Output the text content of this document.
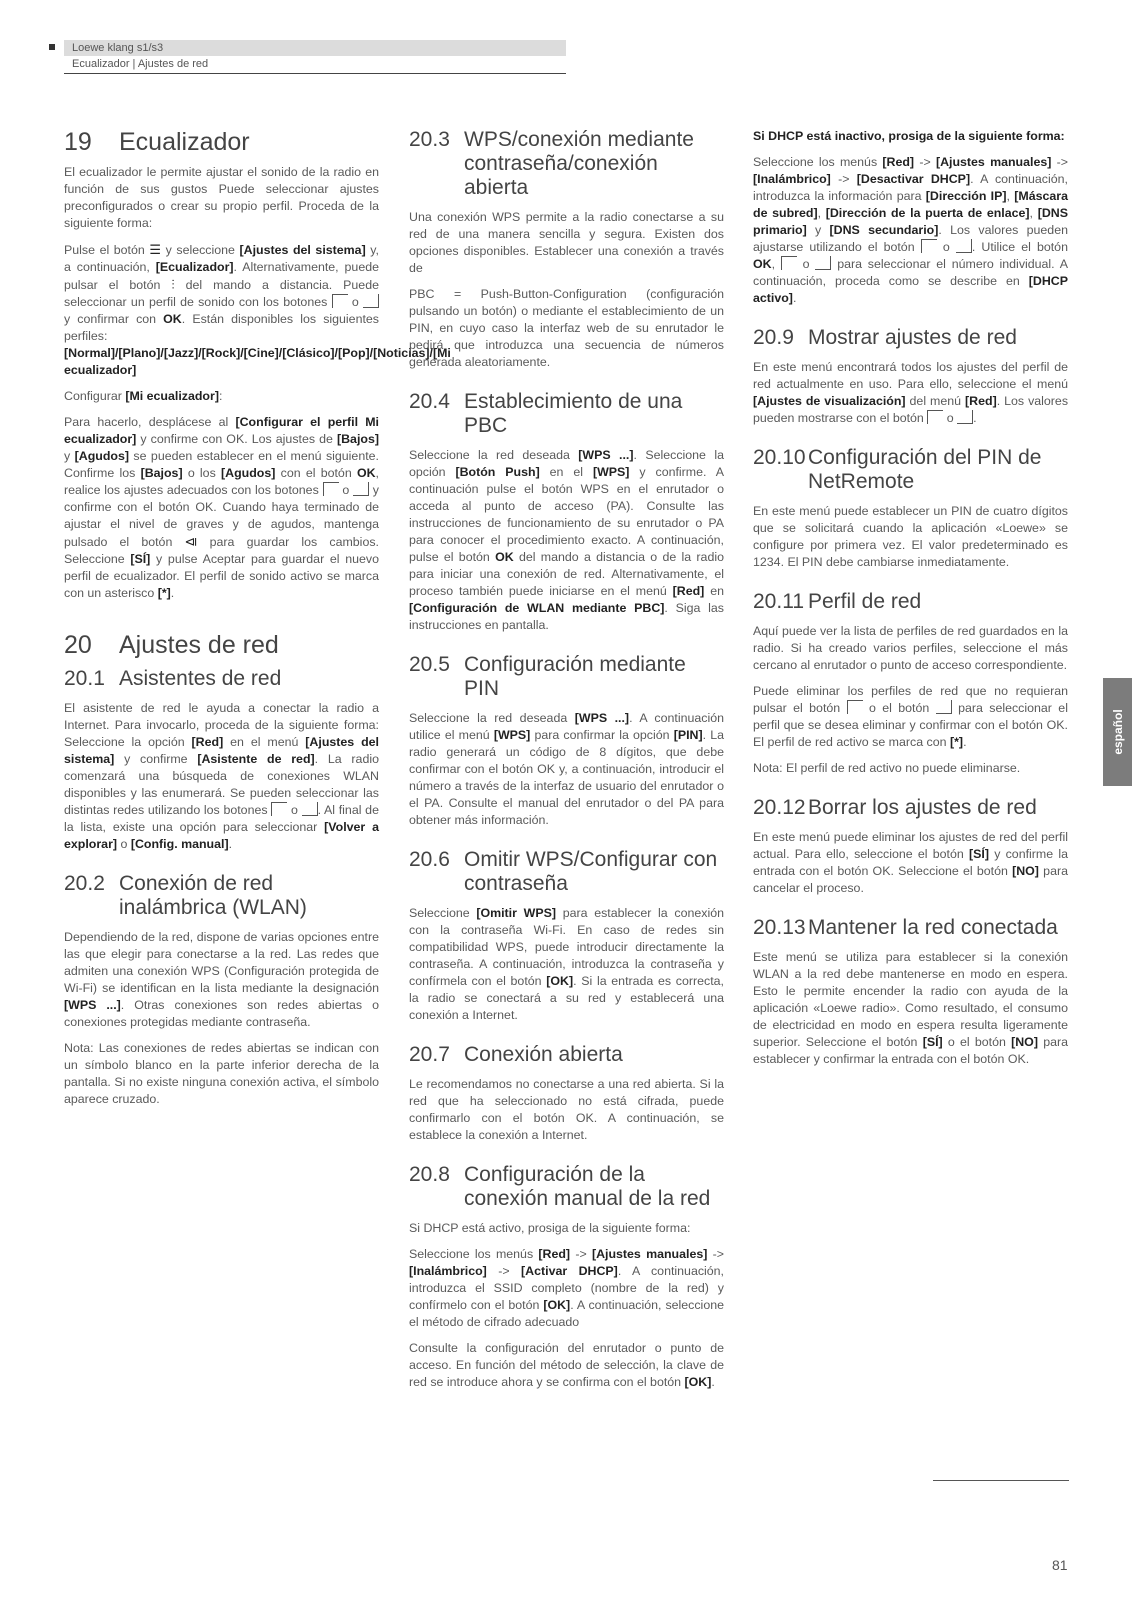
Loewe klang s1/s3
Ecualizador | Ajustes de red
19	Ecualizador

El ecualizador le permite ajustar el sonido de la radio en función de sus gustos Puede seleccionar ajustes preconfigurados o crear su propio perfil. Proceda de la siguiente forma:

Pulse el botón ☰ y seleccione [Ajustes del sistema] y, a continuación, [Ecualizador]. Alternativamente, puede pulsar el botón ⫶ del mando a distancia. Puede seleccionar un perfil de sonido con los botones o  y confirmar con OK. Están disponibles los siguientes perfiles: [Normal]/[Plano]/[Jazz]/[Rock]/[Cine]/[Clásico]/[Pop]/[Noticias]/[Mi ecualizador]

Configurar [Mi ecualizador]:

Para hacerlo, desplácese al [Configurar el perfil Mi ecualizador] y confirme con OK. Los ajustes de [Bajos] y [Agudos] se pueden establecer en el menú siguiente. Confirme los [Bajos] o los [Agudos] con el botón OK, realice los ajustes adecuados con los botones o y confirme con el botón OK. Cuando haya terminado de ajustar el nivel de graves y de agudos, mantenga pulsado el botón ⧏ para guardar los cambios. Seleccione [SÍ] y pulse Aceptar para guardar el nuevo perfil de ecualizador. El perfil de sonido activo se marca con un asterisco [*].

20	Ajustes de red
20.1 Asistentes de red

El asistente de red le ayuda a conectar la radio a Internet. Para invocarlo, proceda de la siguiente forma: Seleccione la opción [Red] en el menú [Ajustes del sistema] y confirme [Asistente de red]. La radio comenzará una búsqueda de conexiones WLAN disponibles y las enumerará. Se pueden seleccionar las distintas redes utilizando los botones o . Al final de la lista, existe una opción para seleccionar [Volver a explorar] o [Config. manual].

20.2 Conexión de red inalámbrica (WLAN)

Dependiendo de la red, dispone de varias opciones entre las que elegir para conectarse a la red. Las redes que admiten una conexión WPS (Configuración protegida de Wi-Fi) se identifican en la lista mediante la designación [WPS ...]. Otras conexiones son redes abiertas o conexiones protegidas mediante contraseña.

Nota: Las conexiones de redes abiertas se indican con un símbolo blanco en la parte inferior derecha de la pantalla. Si no existe ninguna conexión activa, el símbolo aparece cruzado.

20.3 WPS/conexión mediante contraseña/conexión abierta

Una conexión WPS permite a la radio conectarse a su red de una manera sencilla y segura. Existen dos opciones disponibles. Establecer una conexión a través de

PBC = Push-Button-Configuration (configuración pulsando un botón) o mediante el establecimiento de un PIN, en cuyo caso la interfaz web de su enrutador le pedirá que introduzca una secuencia de números generada aleatoriamente.

20.4 Establecimiento de una PBC

Seleccione la red deseada [WPS ...]. Seleccione la opción [Botón Push] en el [WPS] y confirme. A continuación pulse el botón WPS en el enrutador o acceda al punto de acceso (PA). Consulte las instrucciones de funcionamiento de su enrutador o PA para conocer el procedimiento exacto. A continuación, pulse el botón OK del mando a distancia o de la radio para iniciar una conexión de red. Alternativamente, el proceso también puede iniciarse en el menú [Red] en [Configuración de WLAN mediante PBC]. Siga las instrucciones en pantalla.

20.5 Configuración mediante PIN

Seleccione la red deseada [WPS ...]. A continuación utilice el menú [WPS] para confirmar la opción [PIN]. La radio generará un código de 8 dígitos, que debe confirmar con el botón OK y, a continuación, introducir el número a través de la interfaz de usuario del enrutador o el PA. Consulte el manual del enrutador o del PA para obtener más información.

20.6 Omitir WPS/Configurar con contraseña

Seleccione [Omitir WPS] para establecer la conexión con la contraseña Wi-Fi. En caso de redes sin compatibilidad WPS, puede introducir directamente la contraseña. A continuación, introduzca la contraseña y confírmela con el botón [OK]. Si la entrada es correcta, la radio se conectará a su red y establecerá una conexión a Internet.

20.7 Conexión abierta

Le recomendamos no conectarse a una red abierta. Si la red que ha seleccionado no está cifrada, puede confirmarlo con el botón OK. A continuación, se establece la conexión a Internet.

20.8 Configuración de la conexión manual de la red

Si DHCP está activo, prosiga de la siguiente forma:

Seleccione los menús [Red] -> [Ajustes manuales] -> [Inalámbrico] -> [Activar DHCP]. A continuación, introduzca el SSID completo (nombre de la red) y confírmelo con el botón [OK]. A continuación, seleccione el método de cifrado adecuado

Consulte la configuración del enrutador o punto de acceso. En función del método de selección, la clave de red se introduce ahora y se confirma con el botón [OK].

Si DHCP está inactivo, prosiga de la siguiente forma:

Seleccione los menús [Red] -> [Ajustes manuales] -> [Inalámbrico] -> [Desactivar DHCP]. A continuación, introduzca la información para [Dirección IP], [Máscara de subred], [Dirección de la puerta de enlace], [DNS primario] y [DNS secundario]. Los valores pueden ajustarse utilizando el botón o . Utilice el botón OK, o para seleccionar el número individual. A continuación, proceda como se describe en [DHCP activo].

20.9 Mostrar ajustes de red

En este menú encontrará todos los ajustes del perfil de red actualmente en uso. Para ello, seleccione el menú [Ajustes de visualización] del menú [Red]. Los valores pueden mostrarse con el botón o .

20.10 Configuración del PIN de NetRemote

En este menú puede establecer un PIN de cuatro dígitos que se solicitará cuando la aplicación «Loewe» se configure por primera vez. El valor predeterminado es 1234. El PIN debe cambiarse inmediatamente.

20.11 Perfil de red

Aquí puede ver la lista de perfiles de red guardados en la radio. Si ha creado varios perfiles, seleccione el más cercano al enrutador o punto de acceso correspondiente.

Puede eliminar los perfiles de red que no requieran pulsar el botón o el botón para seleccionar el perfil que se desea eliminar y confirmar con el botón OK. El perfil de red activo se marca con [*].

Nota: El perfil de red activo no puede eliminarse.

20.12 Borrar los ajustes de red

En este menú puede eliminar los ajustes de red del perfil actual. Para ello, seleccione el botón [SÍ] y confirme la entrada con el botón OK. Seleccione el botón [NO] para cancelar el proceso.

20.13 Mantener la red conectada

Este menú se utiliza para establecer si la conexión WLAN a la red debe mantenerse en modo en espera. Esto le permite encender la radio con ayuda de la aplicación «Loewe radio». Como resultado, el consumo de electricidad en modo en espera resulta ligeramente superior. Seleccione el botón [SÍ] o el botón [NO] para establecer y confirmar la entrada con el botón OK.

español
81
